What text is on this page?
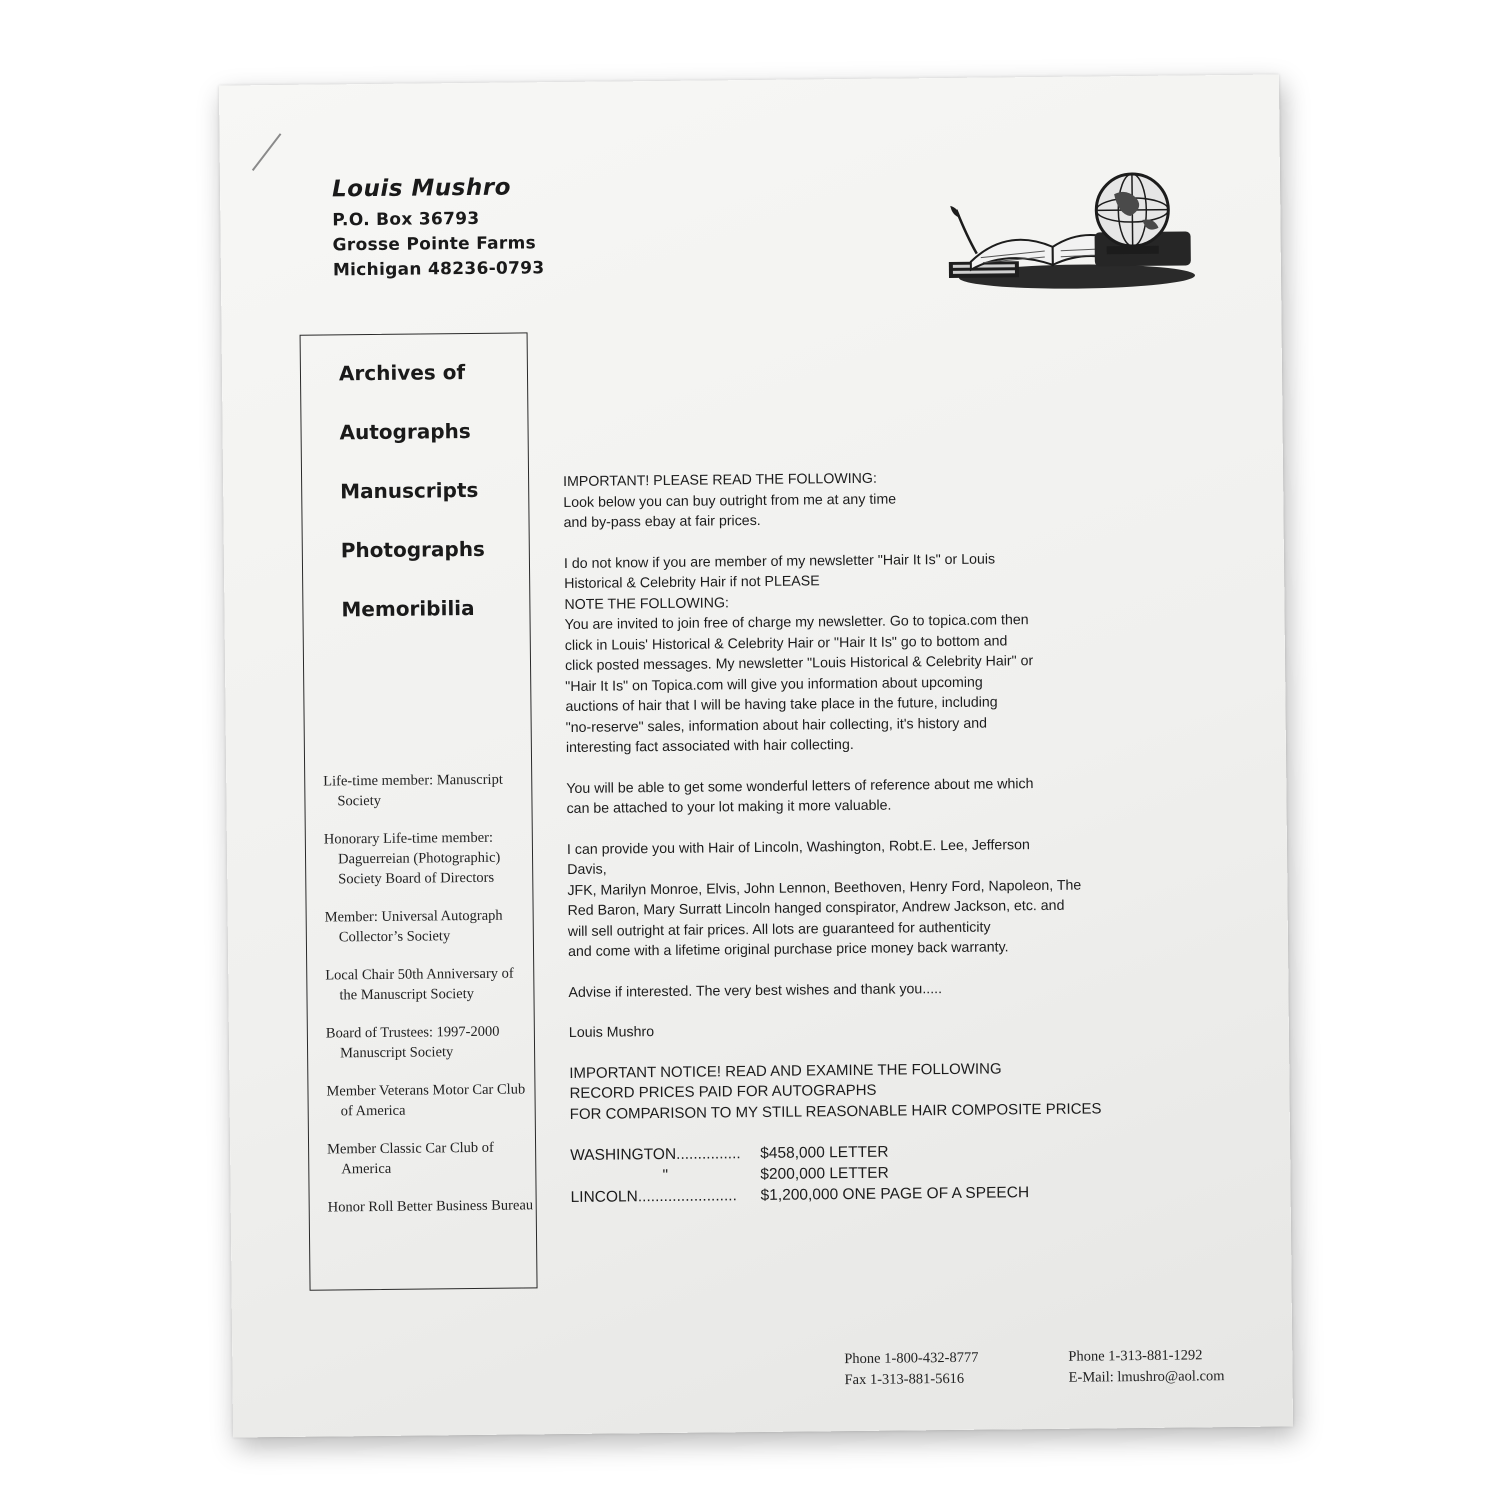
Louis Mushro
P.O. Box 36793
Grosse Pointe Farms
Michigan 48236-0793
Archives of
Autographs
Manuscripts
Photographs
Memoribilia
Life-time member: Manuscript Society
Honorary Life-time member: Daguerreian (Photographic) Society Board of Directors
Member: Universal Autograph Collector’s Society
Local Chair 50th Anniversary of the Manuscript Society
Board of Trustees: 1997-2000 Manuscript Society
Member Veterans Motor Car Club of America
Member Classic Car Club of America
Honor Roll Better Business Bureau

IMPORTANT! PLEASE READ THE FOLLOWING:
Look below you can buy outright from me at any time
and by-pass ebay at fair prices.

I do not know if you are member of my newsletter "Hair It Is" or Louis
Historical & Celebrity Hair if not PLEASE
NOTE THE FOLLOWING:
You are invited to join free of charge my newsletter. Go to topica.com then
click in Louis' Historical & Celebrity Hair or "Hair It Is" go to bottom and
click posted messages. My newsletter "Louis Historical & Celebrity Hair" or
"Hair It Is" on Topica.com will give you information about upcoming
auctions of hair that I will be having take place in the future, including
"no-reserve" sales, information about hair collecting, it's history and
interesting fact associated with hair collecting.

You will be able to get some wonderful letters of reference about me which
can be attached to your lot making it more valuable.

I can provide you with Hair of Lincoln, Washington, Robt.E. Lee, Jefferson
Davis,
JFK, Marilyn Monroe, Elvis, John Lennon, Beethoven, Henry Ford, Napoleon, The
Red Baron, Mary Surratt Lincoln hanged conspirator, Andrew Jackson, etc. and
will sell outright at fair prices. All lots are guaranteed for authenticity
and come with a lifetime original purchase price money back warranty.

Advise if interested. The very best wishes and thank you.....

Louis Mushro

IMPORTANT NOTICE! READ AND EXAMINE THE FOLLOWING
RECORD PRICES PAID FOR AUTOGRAPHS
FOR COMPARISON TO MY STILL REASONABLE HAIR COMPOSITE PRICES

WASHINGTON...............	$458,000 LETTER
"	$200,000 LETTER
LINCOLN.......................	$1,200,000 ONE PAGE OF A SPEECH
Phone 1-800-432-8777
Fax 1-313-881-5616
Phone 1-313-881-1292
E-Mail: lmushro@aol.com
